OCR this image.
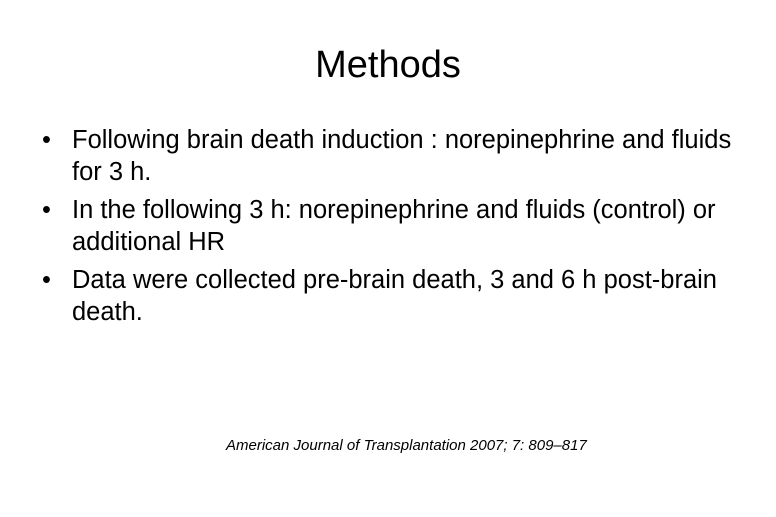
Methods
• Following brain death induction : norepinephrine and fluids for 3 h.
• In the following 3 h: norepinephrine and fluids (control) or additional HR
• Data were collected pre-brain death, 3 and 6 h post-brain death.
American Journal of Transplantation 2007; 7: 809–817
